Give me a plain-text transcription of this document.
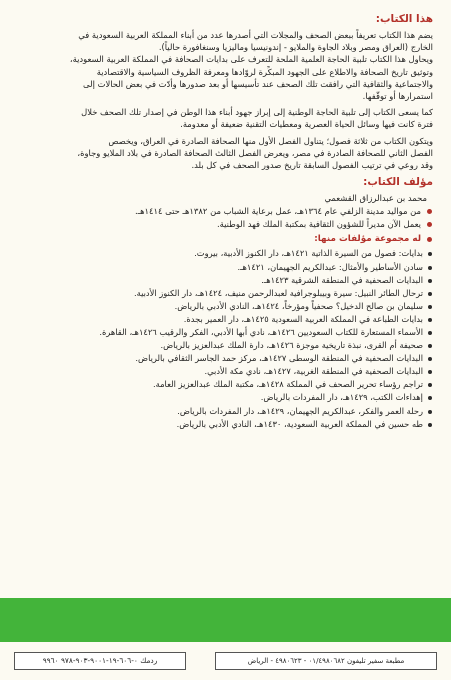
هذا الكتاب:
يضم هذا الكتاب تعريفاً ببعض الصحف والمجلات التي أصدرها عدد من أبناء المملكة العربية السعودية في
الخارج (العراق ومصر وبلاد الجاوة والملايو - إندونيسيا وماليزيا وسنغافورة حالياً).
ويحاول هذا الكتاب تلبية الحاجة العلمية الملحة للتعرف على بدايات الصحافة في المملكة العربية السعودية،
وتوثيق تاريخ الصحافة والاطلاع على الجهود المبكِّرة لروّادها ومعرفة الظروف السياسية والاقتصادية
والاجتماعية والثقافية التي رافقت تلك الصحف عند تأسيسها أو بعد صدورها وأدّت في بعض الحالات إلى
استمرارها أو توقّفها.
كما يسعى الكتاب إلى تلبية الحاجة الوطنية إلى إبراز جهود أبناء هذا الوطن في إصدار تلك الصحف خلال
فترة كانت فيها وسائل الحياة العصرية ومعطيات التقنية ضعيفة أو معدومة.
ويتكون الكتاب من ثلاثة فصول؛ يتناول الفصل الأول منها الصحافة الصادرة في العراق، ويخصص
الفصل الثاني للصحافة الصادرة في مصر، ويعرض الفصل الثالث الصحافة الصادرة في بلاد الملايو وجاوة،
وقد روعي في ترتيب الفصول السابقة تاريخ صدور الصحف في كل بلد.
مؤلف الكتاب:
محمد بن عبدالرزاق القشعمي
من مواليد مدينة الزلفي عام ١٣٦٤هـ، عمل برعاية الشباب من ١٣٨٢هـ حتى ١٤١٤هـ.
يعمل الآن مديراً للشؤون الثقافية بمكتبة الملك فهد الوطنية.
له مجموعة مؤلفات منها:
بدايات: فصول من السيرة الذاتية ١٤٢١هـ، دار الكنوز الأدبية، بيروت.
سادن الأساطير والأمثال: عبدالكريم الجهيمان، ١٤٢١هـ.
البدايات الصحفية في المنطقة الشرقية ١٤٢٣هـ.
ترحال الطائر النبيل: سيرة وبيبلوجرافية لعبدالرحمن منيف، ١٤٢٤هـ، دار الكنوز الأدبية.
سليمان بن صالح الدخيل؟ صحفياً ومؤرخاً، ١٤٢٤هـ، النادي الأدبي بالرياض.
بدايات الطباعة في المملكة العربية السعودية ١٤٢٥هـ، دار العمير بجدة.
الأسماء المستعارة للكتاب السعوديين ١٤٢٦هـ، نادي أبها الأدبي، الفكر والرقيب ١٤٢٦هـ، القاهرة.
صحيفة أم القرى، نبذة تاريخية موجزة ١٤٢٦هـ، دارة الملك عبدالعزيز بالرياض.
البدايات الصحفية في المنطقة الوسطى ١٤٢٧هـ، مركز حمد الجاسر الثقافي بالرياض.
البدايات الصحفية في المنطقة الغربية، ١٤٢٧هـ، نادي مكة الأدبي.
تراجم رؤساء تحرير الصحف في المملكة ١٤٢٨هـ، مكتبة الملك عبدالعزيز العامة.
إهداءات الكتب، ١٤٢٩هـ، دار المفردات بالرياض.
رحلة العمر والفكر، عبدالكريم الجهيمان، ١٤٢٩هـ، دار المفردات بالرياض.
طه حسين في المملكة العربية السعودية، ١٤٣٠هـ، النادي الأدبي بالرياض.
ردمك ٠-٦٠٦-١٩-٩٠٠١-٩٠٣-٩٧٨ ٩٩٦٠	مطبعة سفير تليفون ٠١/٤٩٨٠٦٨٢ - ٤٩٨٠٦٢٣ - الرياض
